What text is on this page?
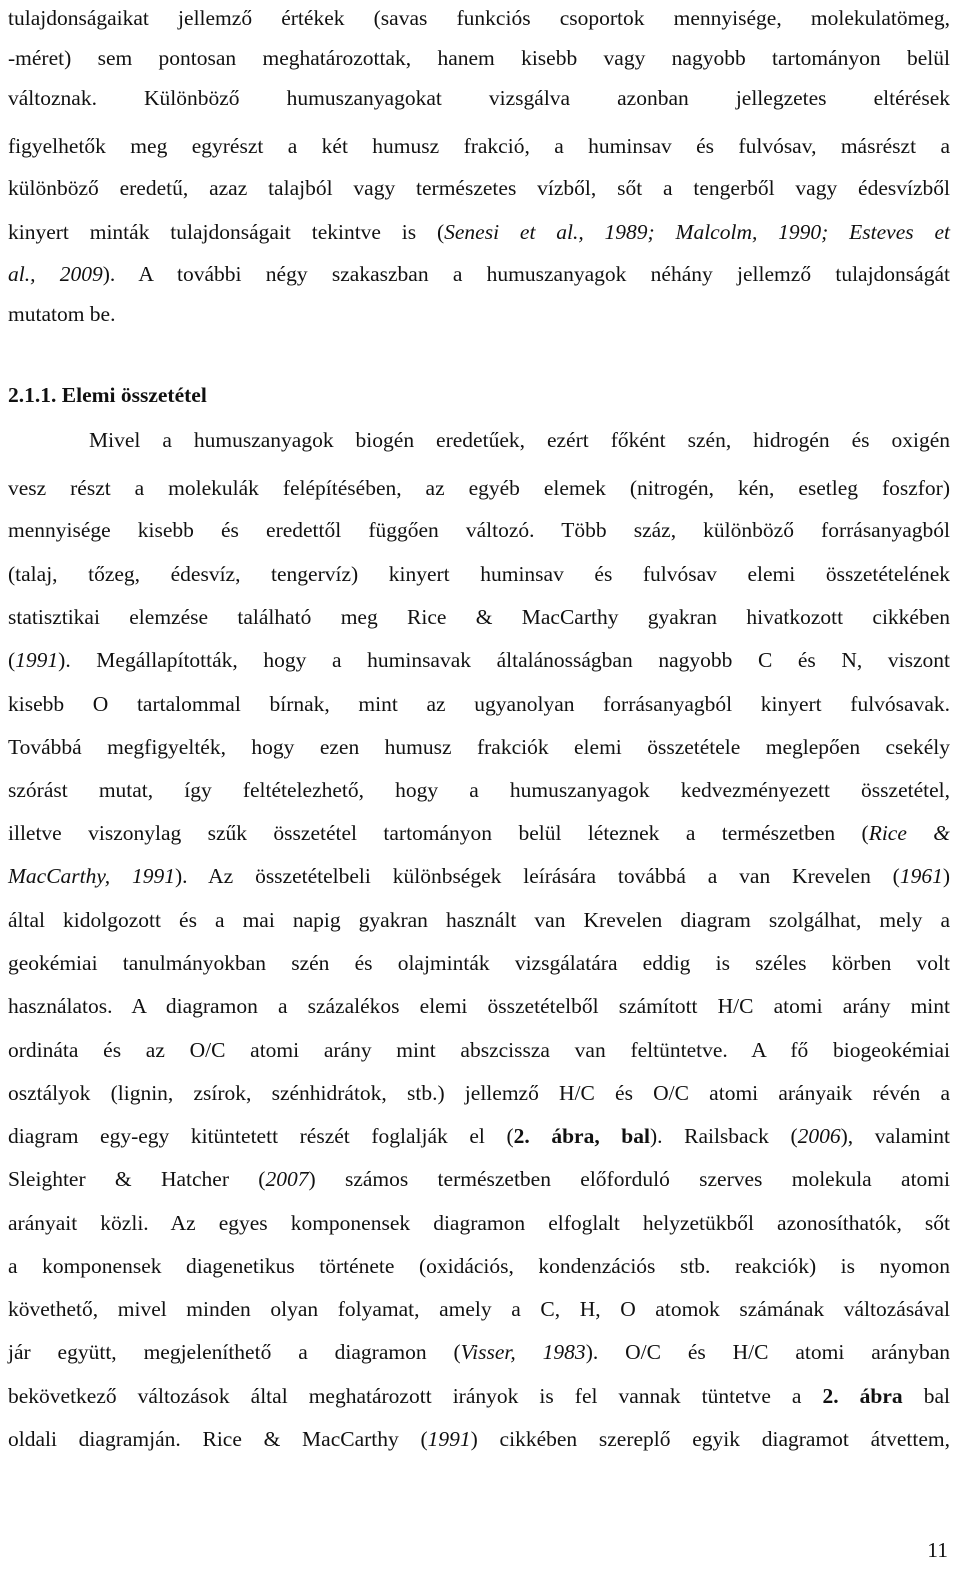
tulajdonságaikat jellemző értékek (savas funkciós csoportok mennyisége, molekulatömeg,
-méret) sem pontosan meghatározottak, hanem kisebb vagy nagyobb tartományon belül
változnak. Különböző humuszanyagokat vizsgálva azonban jellegzetes eltérések
figyelhetők meg egyrészt a két humusz frakció, a huminsav és fulvósav, másrészt a
különböző eredetű, azaz talajból vagy természetes vízből, sőt a tengerből vagy édesvízből
kinyert minták tulajdonságait tekintve is (Senesi et al., 1989; Malcolm, 1990; Esteves et
al., 2009). A további négy szakaszban a humuszanyagok néhány jellemző tulajdonságát
mutatom be.
2.1.1. Elemi összetétel
Mivel a humuszanyagok biogén eredetűek, ezért főként szén, hidrogén és oxigén
vesz részt a molekulák felépítésében, az egyéb elemek (nitrogén, kén, esetleg foszfor)
mennyisége kisebb és eredettől függően változó. Több száz, különböző forrásanyagból
(talaj, tőzeg, édesvíz, tengervíz) kinyert huminsav és fulvósav elemi összetételének
statisztikai elemzése található meg Rice & MacCarthy gyakran hivatkozott cikkében
(1991). Megállapították, hogy a huminsavak általánosságban nagyobb C és N, viszont
kisebb O tartalommal bírnak, mint az ugyanolyan forrásanyagból kinyert fulvósavak.
Továbbá megfigyelték, hogy ezen humusz frakciók elemi összetétele meglepően csekély
szórást mutat, így feltételezhető, hogy a humuszanyagok kedvezményezett összetétel,
illetve viszonylag szűk összetétel tartományon belül léteznek a természetben (Rice &
MacCarthy, 1991). Az összetételbeli különbségek leírására továbbá a van Krevelen (1961)
által kidolgozott és a mai napig gyakran használt van Krevelen diagram szolgálhat, mely a
geokémiai tanulmányokban szén és olajminták vizsgálatára eddig is széles körben volt
használatos. A diagramon a százalékos elemi összetételből számított H/C atomi arány mint
ordináta és az O/C atomi arány mint abszcissza van feltüntetve. A fő biogeokémiai
osztályok (lignin, zsírok, szénhidrátok, stb.) jellemző H/C és O/C atomi arányaik révén a
diagram egy-egy kitüntetett részét foglalják el (2. ábra, bal). Railsback (2006), valamint
Sleighter & Hatcher (2007) számos természetben előforduló szerves molekula atomi
arányait közli. Az egyes komponensek diagramon elfoglalt helyzetükből azonosíthatók, sőt
a komponensek diagenetikus története (oxidációs, kondenzációs stb. reakciók) is nyomon
követhető, mivel minden olyan folyamat, amely a C, H, O atomok számának változásával
jár együtt, megjeleníthető a diagramon (Visser, 1983). O/C és H/C atomi arányban
bekövetkező változások által meghatározott irányok is fel vannak tüntetve a 2. ábra bal
oldali diagramján. Rice & MacCarthy (1991) cikkében szereplő egyik diagramot átvettem,
11
